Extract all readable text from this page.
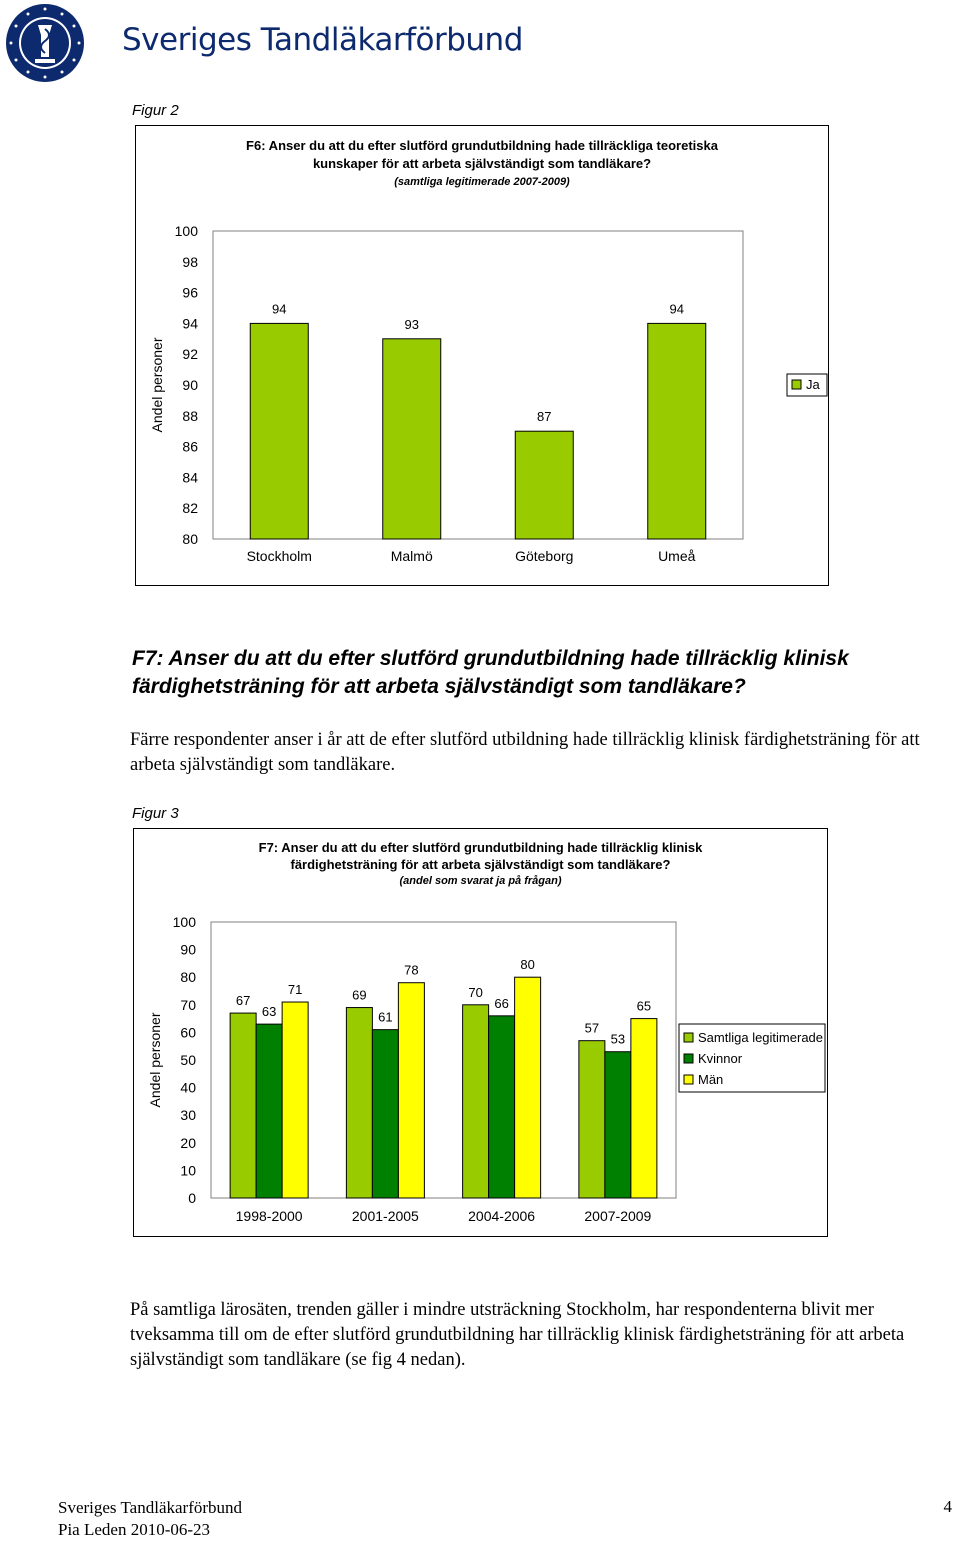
Sveriges Tandläkarförbund
Figur 2
F6: Anser du att du efter slutförd grundutbildning hade tillräckliga teoretiska
kunskaper för att arbeta självständigt som tandläkare?
(samtliga legitimerade 2007-2009)
Andel personer
100
98
96
94
92
90
88
86
84
82
80
94
Stockholm
93
Malmö
87
Göteborg
94
Umeå
Ja
F7: Anser du att du efter slutförd grundutbildning hade tillräcklig klinisk färdighetsträning för att arbeta självständigt som tandläkare?
Färre respondenter anser i år att de efter slutförd utbildning hade tillräcklig klinisk färdighetsträning för att arbeta självständigt som tandläkare.
Figur 3
F7: Anser du att du efter slutförd grundutbildning hade tillräcklig klinisk
färdighetsträning för att arbeta självständigt som tandläkare?
(andel som svarat ja på frågan)
Andel personer
100
90
80
70
60
50
40
30
20
10
0
67
63
71
1998-2000
69
61
78
2001-2005
70
66
80
2004-2006
57
53
65
2007-2009
Samtliga legitimerade
Kvinnor
Män
På samtliga lärosäten, trenden gäller i mindre utsträckning Stockholm, har respondenterna blivit mer tveksamma till om de efter slutförd grundutbildning har tillräcklig klinisk färdighetsträning för att arbeta självständigt som tandläkare (se fig 4 nedan).
Sveriges Tandläkarförbund
Pia Leden 2010-06-23
4
